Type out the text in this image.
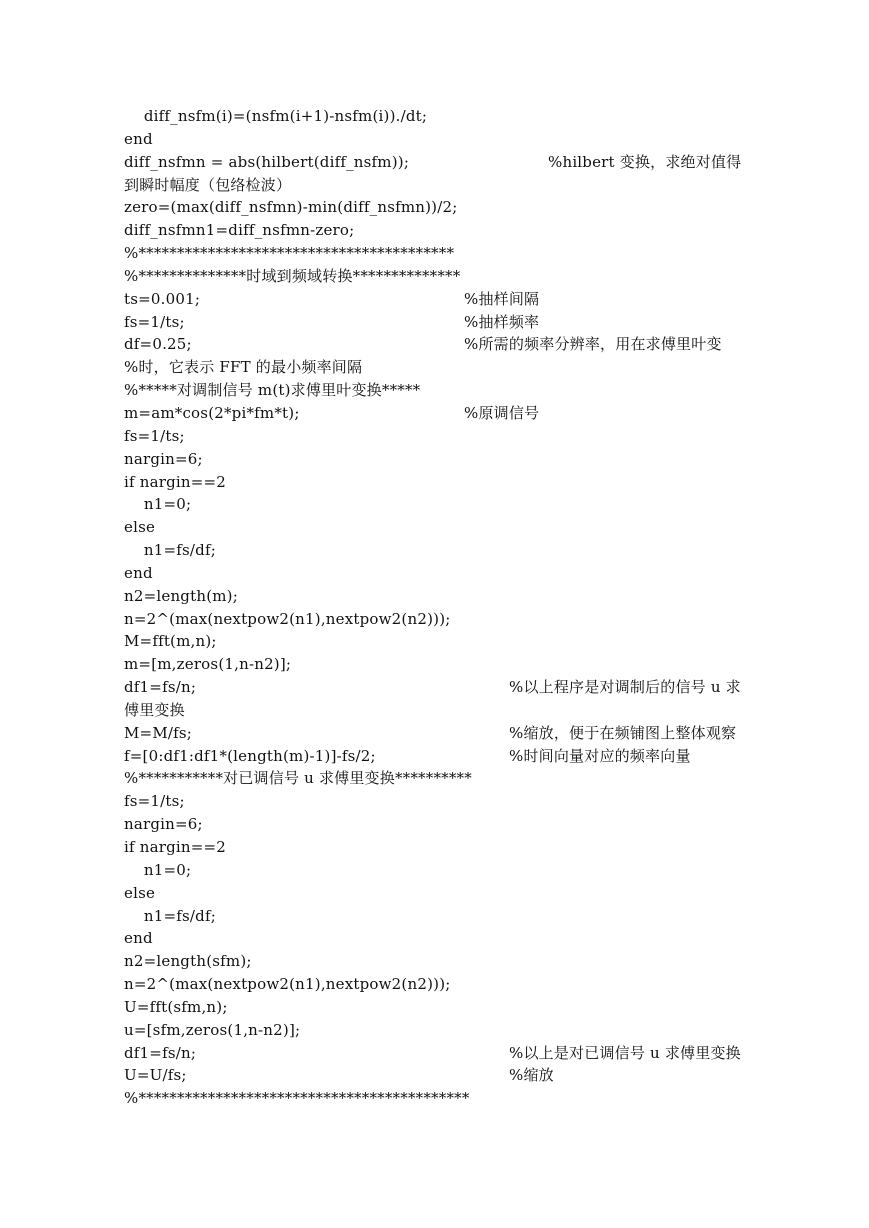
diff_nsfm(i)=(nsfm(i+1)-nsfm(i))./dt;
end
diff_nsfmn = abs(hilbert(diff_nsfm));	%hilbert 变换，求绝对值得
到瞬时幅度（包络检波）
zero=(max(diff_nsfmn)-min(diff_nsfmn))/2;
diff_nsfmn1=diff_nsfmn-zero;
%*****************************************
%**************时域到频域转换**************
ts=0.001;	%抽样间隔
fs=1/ts;	%抽样频率
df=0.25;	%所需的频率分辨率，用在求傅里叶变
%时，它表示 FFT 的最小频率间隔
%*****对调制信号 m(t)求傅里叶变换*****
m=am*cos(2*pi*fm*t);	%原调信号
fs=1/ts;
nargin=6;
if nargin==2
n1=0;
else
n1=fs/df;
end
n2=length(m);
n=2^(max(nextpow2(n1),nextpow2(n2)));
M=fft(m,n);
m=[m,zeros(1,n-n2)];
df1=fs/n;	%以上程序是对调制后的信号 u 求
傅里变换
M=M/fs;	%缩放，便于在频铺图上整体观察
f=[0:df1:df1*(length(m)-1)]-fs/2;	%时间向量对应的频率向量
%***********对已调信号 u 求傅里变换**********
fs=1/ts;
nargin=6;
if nargin==2
n1=0;
else
n1=fs/df;
end
n2=length(sfm);
n=2^(max(nextpow2(n1),nextpow2(n2)));
U=fft(sfm,n);
u=[sfm,zeros(1,n-n2)];
df1=fs/n;	%以上是对已调信号 u 求傅里变换
U=U/fs;	%缩放
%*******************************************
